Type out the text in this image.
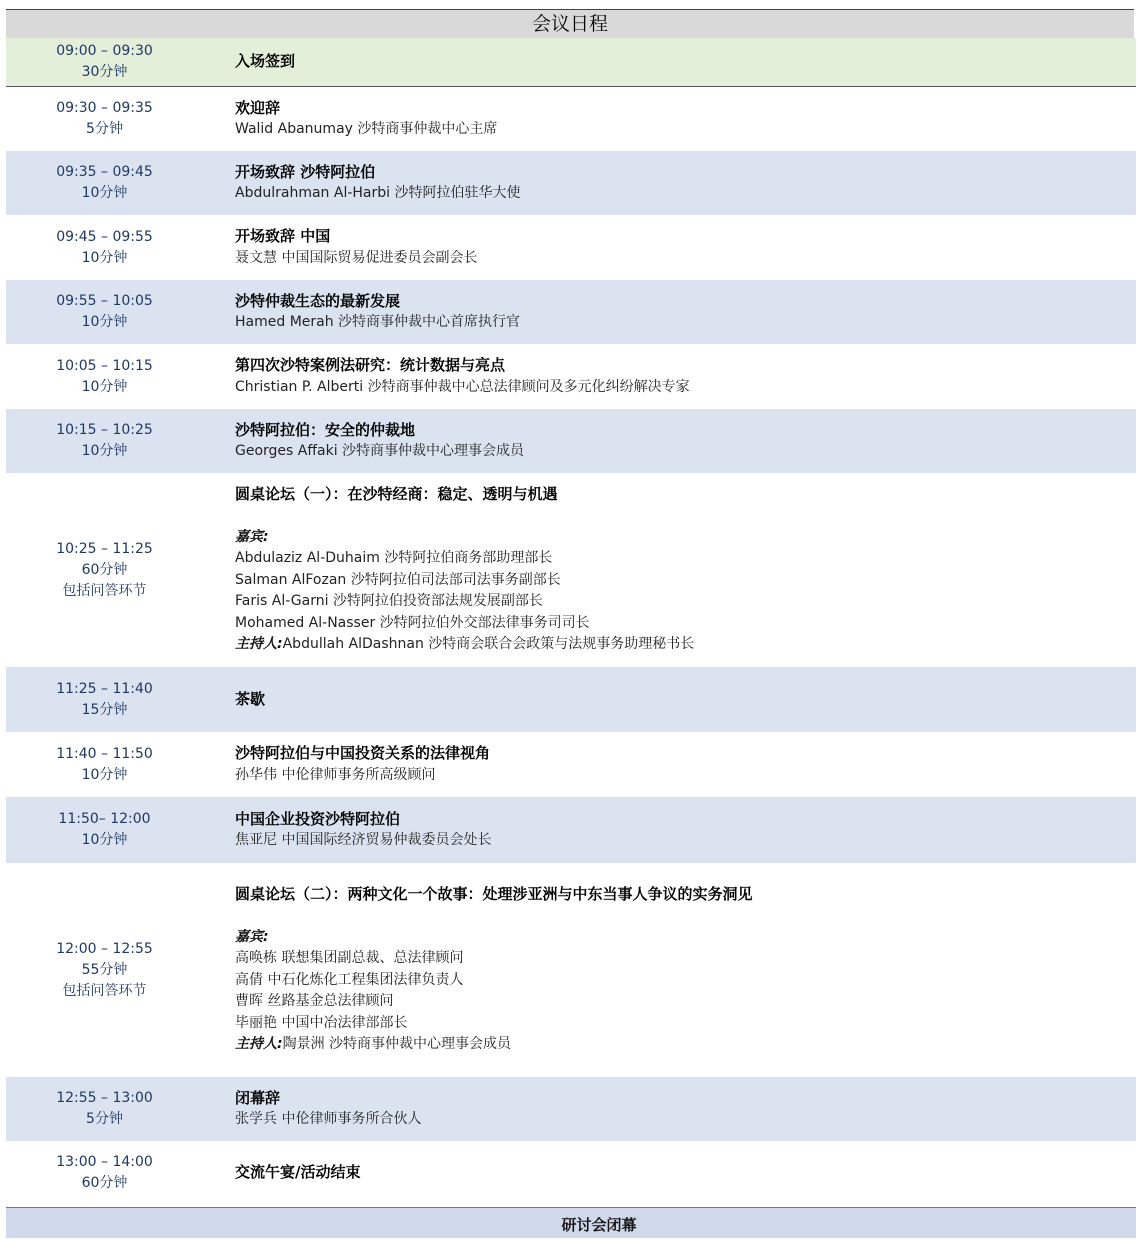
会议日程
09:00 – 09:30
30分钟
入场签到
09:30 – 09:35
5分钟
欢迎辞
Walid Abanumay 沙特商事仲裁中心主席
09:35 – 09:45
10分钟
开场致辞 沙特阿拉伯
Abdulrahman Al-Harbi 沙特阿拉伯驻华大使
09:45 – 09:55
10分钟
开场致辞 中国
聂文慧 中国国际贸易促进委员会副会长
09:55 – 10:05
10分钟
沙特仲裁生态的最新发展
Hamed Merah 沙特商事仲裁中心首席执行官
10:05 – 10:15
10分钟
第四次沙特案例法研究：统计数据与亮点
Christian P. Alberti 沙特商事仲裁中心总法律顾问及多元化纠纷解决专家
10:15 – 10:25
10分钟
沙特阿拉伯：安全的仲裁地
Georges Affaki 沙特商事仲裁中心理事会成员
10:25 – 11:25
60分钟
包括问答环节
圆桌论坛（一）：在沙特经商：稳定、透明与机遇
嘉宾:
Abdulaziz Al-Duhaim 沙特阿拉伯商务部助理部长
Salman AlFozan 沙特阿拉伯司法部司法事务副部长
Faris Al-Garni 沙特阿拉伯投资部法规发展副部长
Mohamed Al-Nasser 沙特阿拉伯外交部法律事务司司长
主持人:Abdullah AlDashnan 沙特商会联合会政策与法规事务助理秘书长
11:25 – 11:40
15分钟
茶歇
11:40 – 11:50
10分钟
沙特阿拉伯与中国投资关系的法律视角
孙华伟 中伦律师事务所高级顾问
11:50– 12:00
10分钟
中国企业投资沙特阿拉伯
焦亚尼 中国国际经济贸易仲裁委员会处长
12:00 – 12:55
55分钟
包括问答环节
圆桌论坛（二）：两种文化一个故事：处理涉亚洲与中东当事人争议的实务洞见
嘉宾:
高唤栋 联想集团副总裁、总法律顾问
高倩 中石化炼化工程集团法律负责人
曹晖 丝路基金总法律顾问
毕丽艳 中国中冶法律部部长
主持人:陶景洲 沙特商事仲裁中心理事会成员
12:55 – 13:00
5分钟
闭幕辞
张学兵 中伦律师事务所合伙人
13:00 – 14:00
60分钟
交流午宴/活动结束
研讨会闭幕
